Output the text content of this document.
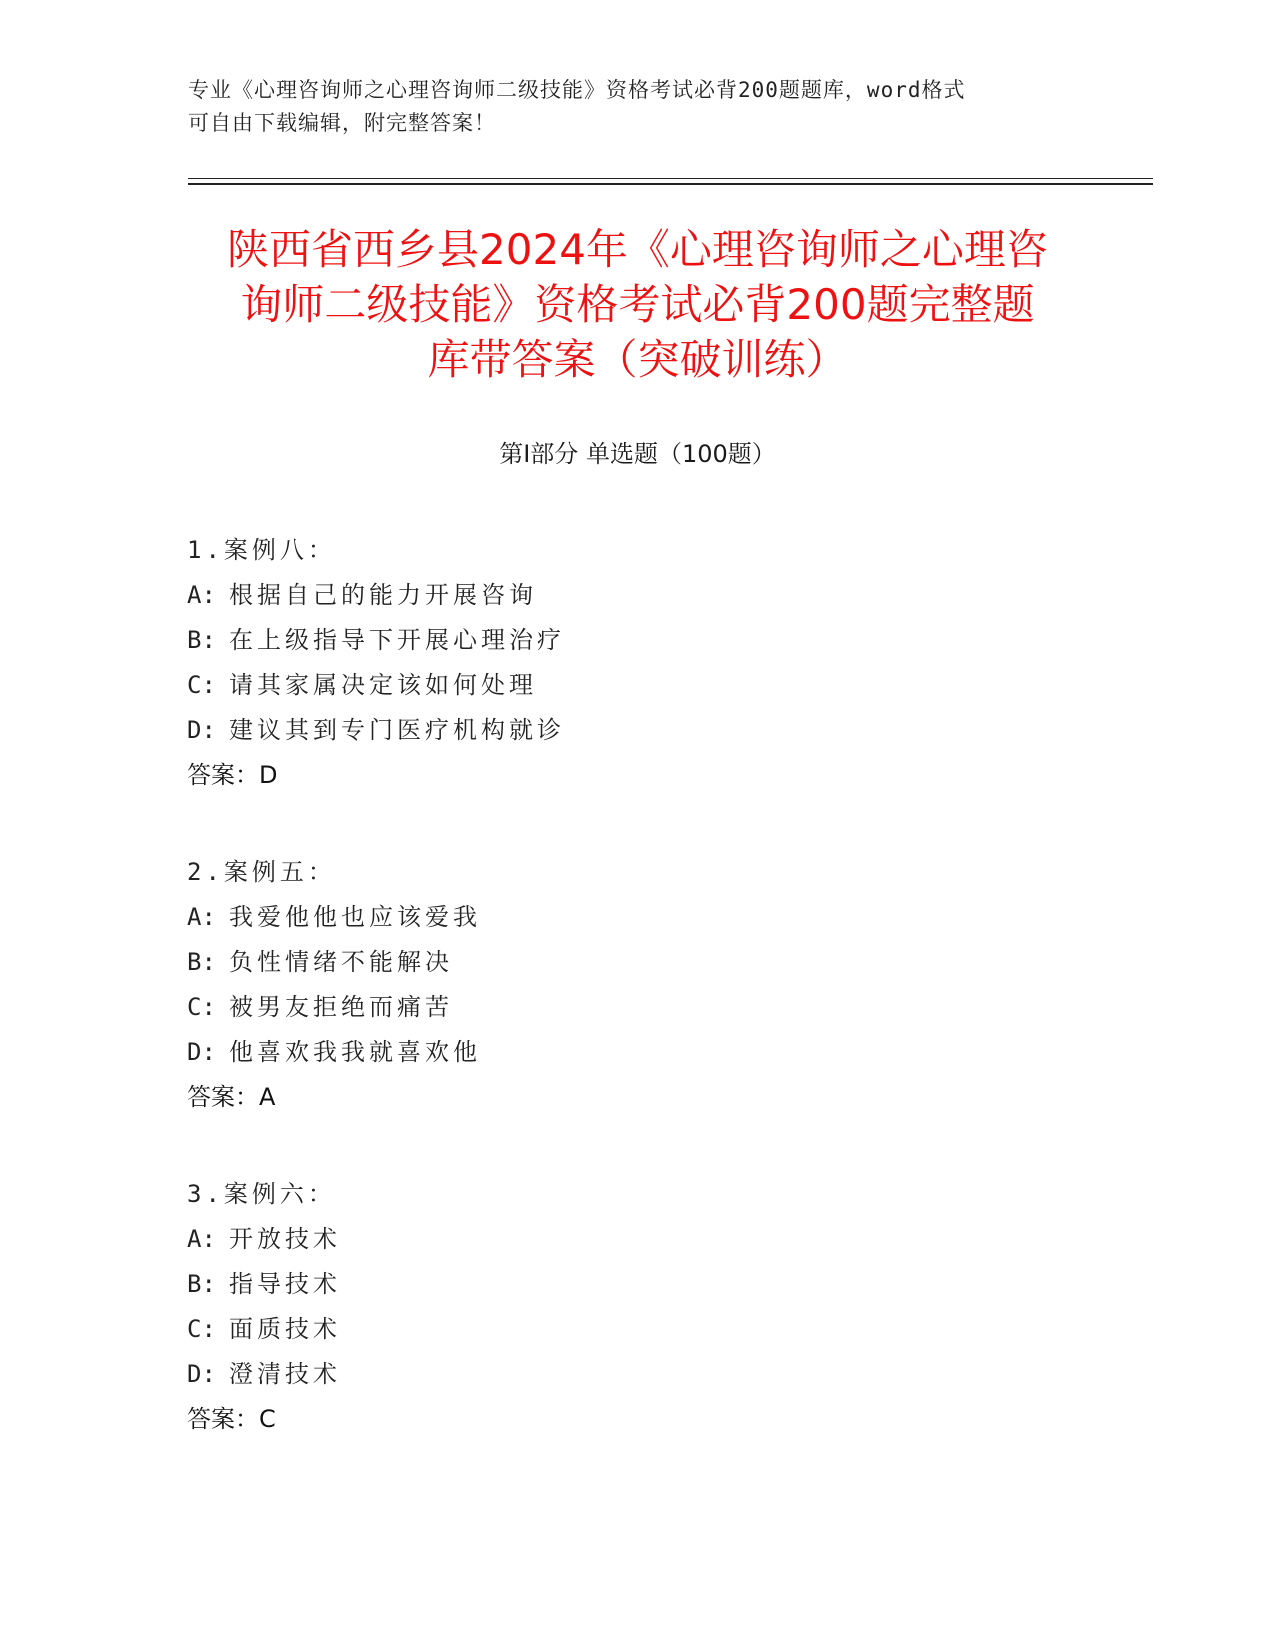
专业《心理咨询师之心理咨询师二级技能》资格考试必背200题题库，word格式
可自由下载编辑，附完整答案！
陕西省西乡县2024年《心理咨询师之心理咨
询师二级技能》资格考试必背200题完整题
库带答案（突破训练）
第Ⅰ部分 单选题（100题）
1.案例八：
A: 根据自己的能力开展咨询
B: 在上级指导下开展心理治疗
C: 请其家属决定该如何处理
D: 建议其到专门医疗机构就诊
答案：D
2.案例五：
A: 我爱他他也应该爱我
B: 负性情绪不能解决
C: 被男友拒绝而痛苦
D: 他喜欢我我就喜欢他
答案：A
3.案例六：
A: 开放技术
B: 指导技术
C: 面质技术
D: 澄清技术
答案：C
